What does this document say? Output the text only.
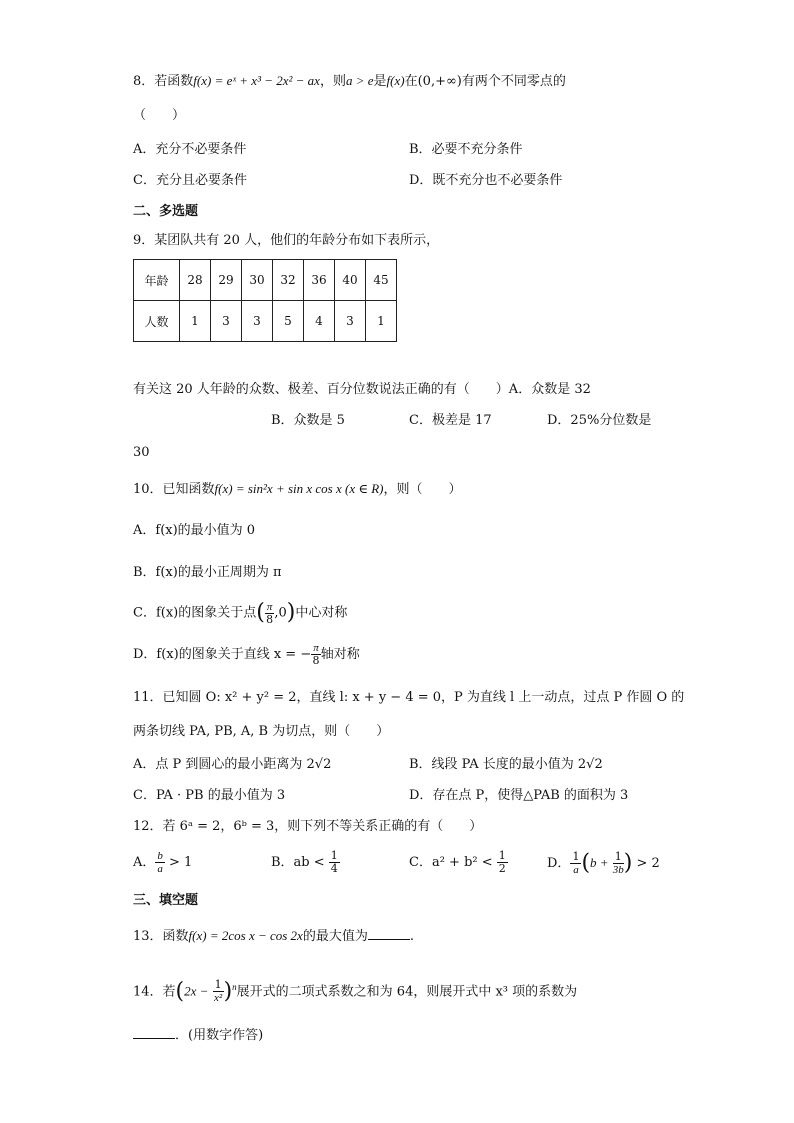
8．若函数f(x) = eˣ + x³ − 2x² − ax，则a > e是f(x)在(0,+∞)有两个不同零点的
（　　）
A．充分不必要条件	B．必要不充分条件
C．充分且必要条件	D．既不充分也不必要条件
二、多选题
9．某团队共有 20 人，他们的年龄分布如下表所示，
年龄	28	29	30	32	36	40	45
人数	1	3	3	5	4	3	1
有关这 20 人年龄的众数、极差、百分位数说法正确的有（　　）A．众数是 32
B．众数是 5	C．极差是 17	D．25%分位数是
30
10．已知函数f(x) = sin²x + sin x cos x (x ∈ R)，则（　　）
A．f(x)的最小值为 0
B．f(x)的最小正周期为 π
C．f(x)的图象关于点( $\frac{\pi}{8} ,0$)中心对称
D．f(x)的图象关于直线 x = − $\frac{\pi}{8}$ 轴对称
11．已知圆 O: x² + y² = 2，直线 l: x + y − 4 = 0，P 为直线 l 上一动点，过点 P 作圆 O 的
两条切线 PA, PB, A, B 为切点，则（　　）
A．点 P 到圆心的最小距离为 2√2	B．线段 PA 长度的最小值为 2√2
C．PA · PB 的最小值为 3	D．存在点 P，使得△PAB 的面积为 3
12．若 6ᵃ = 2，6ᵇ = 3，则下列不等关系正确的有（　　）
A． $\frac{b}{a} > 1$	B．ab < $\frac{1}{4}$	C．$a^2 + b^2 < \frac{1}{2}$	D． $\frac{1}{a} (b + \frac{1}{3b}$ ) > 2
三、填空题
13．函数f(x) = 2cos x − cos 2x的最大值为	.
14．若$(2x - \frac{1}{\text{x²}} )^n$展开式的二项式系数之和为 64，则展开式中 x³ 项的系数为
．(用数字作答)
